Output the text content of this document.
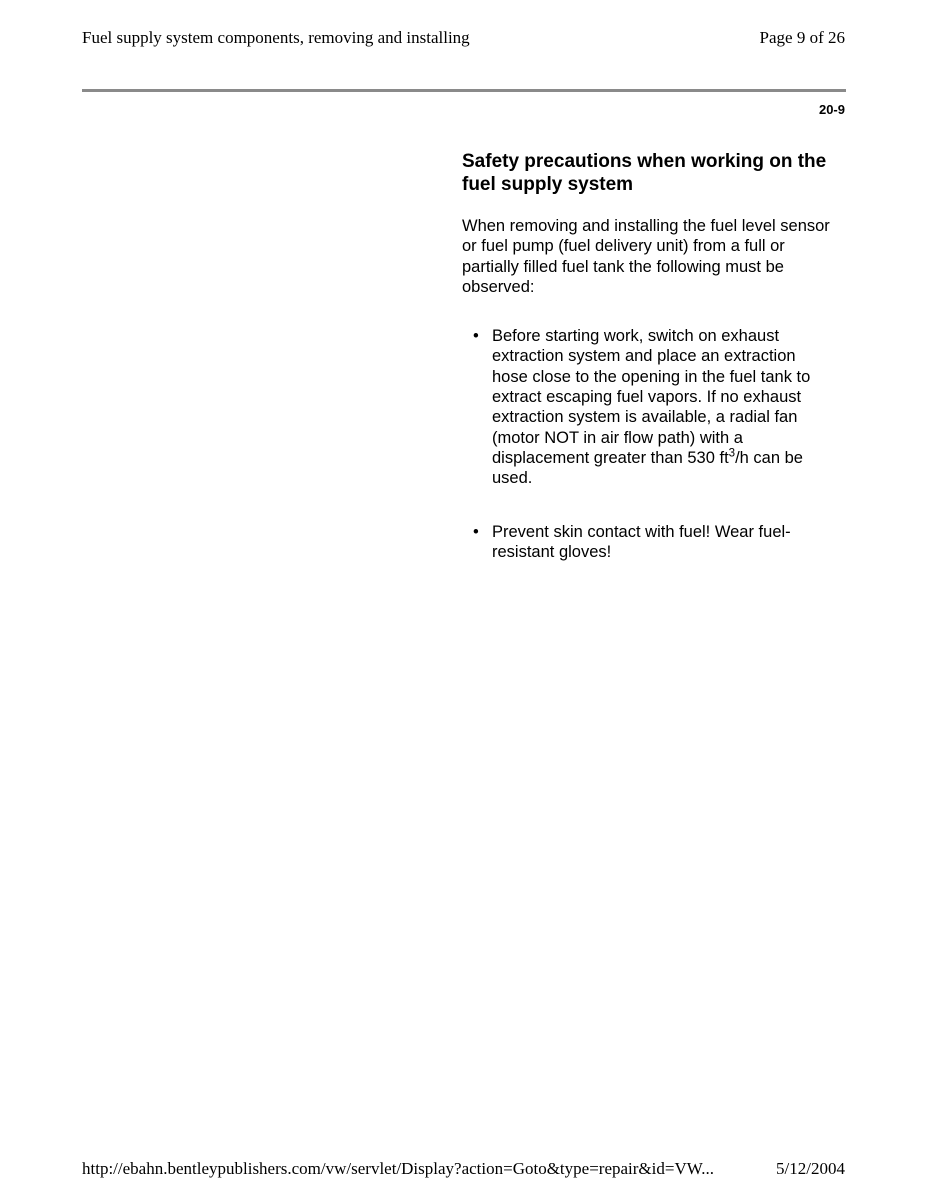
Fuel supply system components, removing and installing	Page 9 of 26
20-9
Safety precautions when working on the fuel supply system

When removing and installing the fuel level sensor or fuel pump (fuel delivery unit) from a full or partially filled fuel tank the following must be observed:

• Before starting work, switch on exhaust extraction system and place an extraction hose close to the opening in the fuel tank to extract escaping fuel vapors. If no exhaust extraction system is available, a radial fan (motor NOT in air flow path) with a displacement greater than 530 $ft^3/h$ can be used.
• Prevent skin contact with fuel! Wear fuel-resistant gloves!
http://ebahn.bentleypublishers.com/vw/servlet/Display?action=Goto&type=repair&id=VW...	5/12/2004
